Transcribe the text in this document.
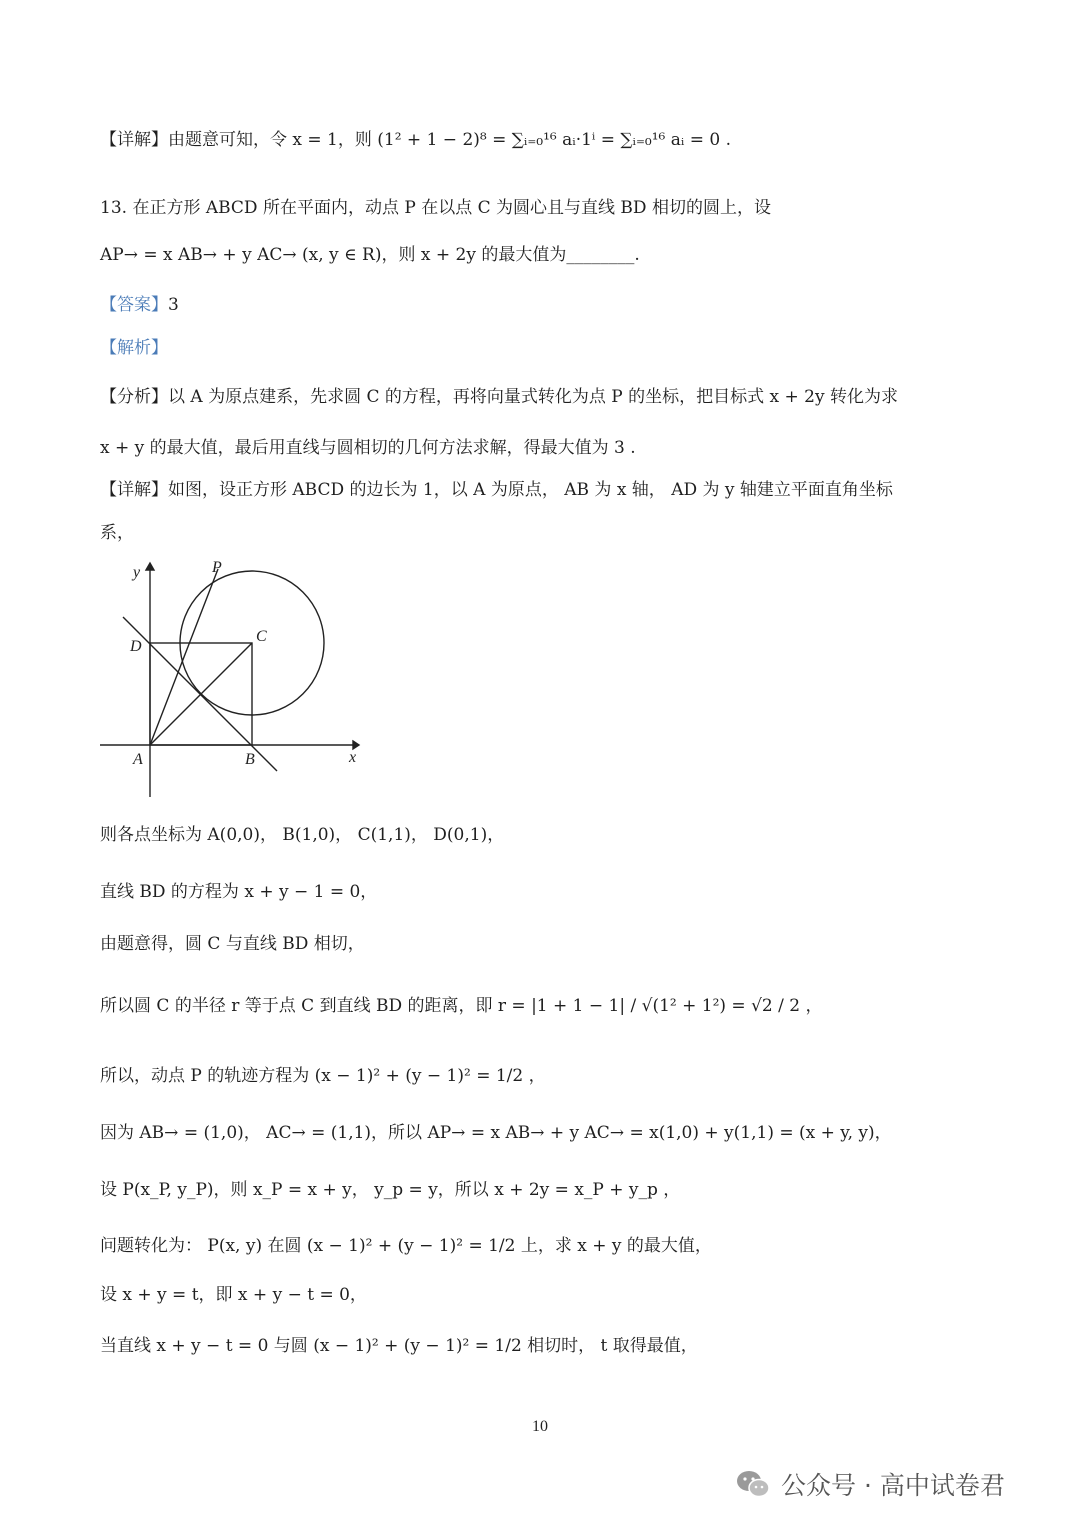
【详解】由题意可知，令 x = 1，则 (1² + 1 − 2)⁸ = ∑ᵢ₌₀¹⁶ aᵢ·1ⁱ = ∑ᵢ₌₀¹⁶ aᵢ = 0 .
13. 在正方形 ABCD 所在平面内，动点 P 在以点 C 为圆心且与直线 BD 相切的圆上，设
AP→ = x AB→ + y AC→ (x, y ∈ R)，则 x + 2y 的最大值为________.
【答案】3
【解析】
【分析】以 A 为原点建系，先求圆 C 的方程，再将向量式转化为点 P 的坐标，把目标式 x + 2y 转化为求
x + y 的最大值，最后用直线与圆相切的几何方法求解，得最大值为 3 .
【详解】如图，设正方形 ABCD 的边长为 1，以 A 为原点， AB 为 x 轴， AD 为 y 轴建立平面直角坐标
系，
y
x
P
D
C
A	B
则各点坐标为 A(0,0)， B(1,0)， C(1,1)， D(0,1)，
直线 BD 的方程为 x + y − 1 = 0，
由题意得，圆 C 与直线 BD 相切，
所以圆 C 的半径 r 等于点 C 到直线 BD 的距离，即 r = |1 + 1 − 1| / √(1² + 1²) = √2 / 2 ，
所以，动点 P 的轨迹方程为 (x − 1)² + (y − 1)² = 1/2 ，
因为 AB→ = (1,0)， AC→ = (1,1)，所以 AP→ = x AB→ + y AC→ = x(1,0) + y(1,1) = (x + y, y)，
设 P(x_P, y_P)，则 x_P = x + y， y_p = y，所以 x + 2y = x_P + y_p ，
问题转化为： P(x, y) 在圆 (x − 1)² + (y − 1)² = 1/2 上，求 x + y 的最大值，
设 x + y = t，即 x + y − t = 0，
当直线 x + y − t = 0 与圆 (x − 1)² + (y − 1)² = 1/2 相切时， t 取得最值，
10
公众号 · 高中试卷君
